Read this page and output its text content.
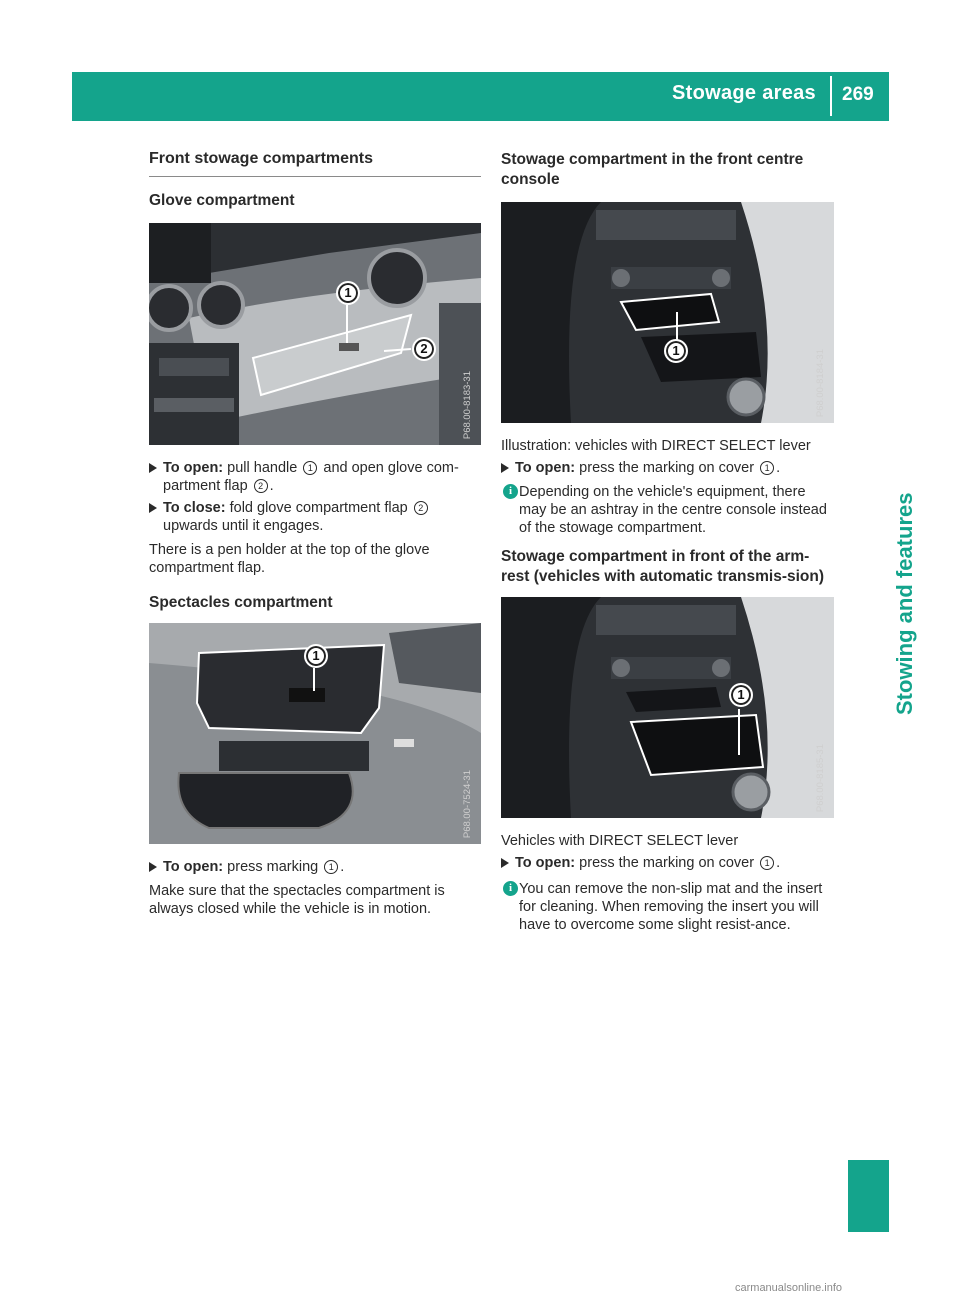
Stowage areas 269
Stowing and features
Front stowage compartments
Glove compartment
1
2
P68.00-8183-31

To open: pull handle 1 and open glove com-partment flap 2 .

To close: fold glove compartment flap 2 upwards until it engages.

There is a pen holder at the top of the glove compartment flap.

Spectacles compartment
1
P68.00-7524-31

To open: press marking 1 .

Make sure that the spectacles compartment is always closed while the vehicle is in motion.

Stowage compartment in the front centre console
1	P68.00-8184-31

Illustration: vehicles with DIRECT SELECT lever

To open: press the marking on cover 1 .

i Depending on the vehicle's equipment, there may be an ashtray in the centre console instead of the stowage compartment.

Stowage compartment in front of the arm-rest (vehicles with automatic transmis-sion)
1
P68.00-8185-31

Vehicles with DIRECT SELECT lever

To open: press the marking on cover 1 .

i You can remove the non-slip mat and the insert for cleaning. When removing the insert you will have to overcome some slight resist-ance.

carmanualsonline.info
